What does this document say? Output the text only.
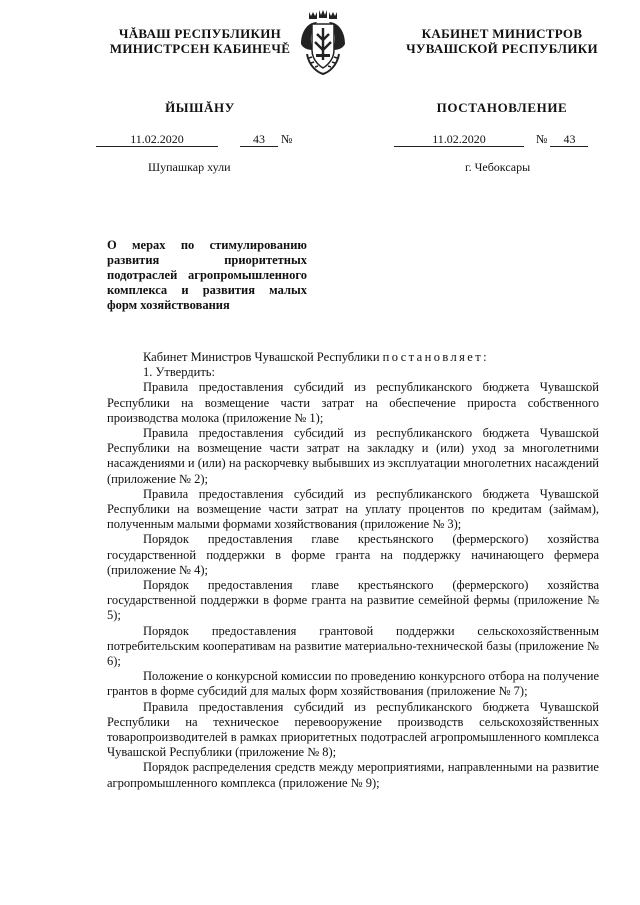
ЧĂВАШ РЕСПУБЛИКИН
МИНИСТРСЕН КАБИНЕЧĚ
ЙЫШĂНУ
КАБИНЕТ МИНИСТРОВ
ЧУВАШСКОЙ РЕСПУБЛИКИ
ПОСТАНОВЛЕНИЕ
11.02.2020	43 №	11.02.2020	№ 43
Шупашкар хули	г. Чебоксары
О мерах по стимулированию развития приоритетных подотраслей агропромышленного комплекса и развития малых форм хозяйствования

Кабинет Министров Чувашской Республики постановляет:

1. Утвердить:

Правила предоставления субсидий из республиканского бюджета Чувашской Республики на возмещение части затрат на обеспечение прироста собственного производства молока (приложение № 1);

Правила предоставления субсидий из республиканского бюджета Чувашской Республики на возмещение части затрат на закладку и (или) уход за многолетними насаждениями и (или) на раскорчевку выбывших из эксплуатации многолетних насаждений (приложение № 2);

Правила предоставления субсидий из республиканского бюджета Чувашской Республики на возмещение части затрат на уплату процентов по кредитам (займам), полученным малыми формами хозяйствования (приложение № 3);

Порядок предоставления главе крестьянского (фермерского) хозяйства государственной поддержки в форме гранта на поддержку начинающего фермера (приложение № 4);

Порядок предоставления главе крестьянского (фермерского) хозяйства государственной поддержки в форме гранта на развитие семейной фермы (приложение № 5);

Порядок предоставления грантовой поддержки сельскохозяйственным потребительским кооперативам на развитие материально-технической базы (приложение № 6);

Положение о конкурсной комиссии по проведению конкурсного отбора на получение грантов в форме субсидий для малых форм хозяйствования (приложение № 7);

Правила предоставления субсидий из республиканского бюджета Чувашской Республики на техническое перевооружение производств сельскохозяйственных товаропроизводителей в рамках приоритетных подотраслей агропромышленного комплекса Чувашской Республики (приложение № 8);

Порядок распределения средств между мероприятиями, направленными на развитие агропромышленного комплекса (приложение № 9);
